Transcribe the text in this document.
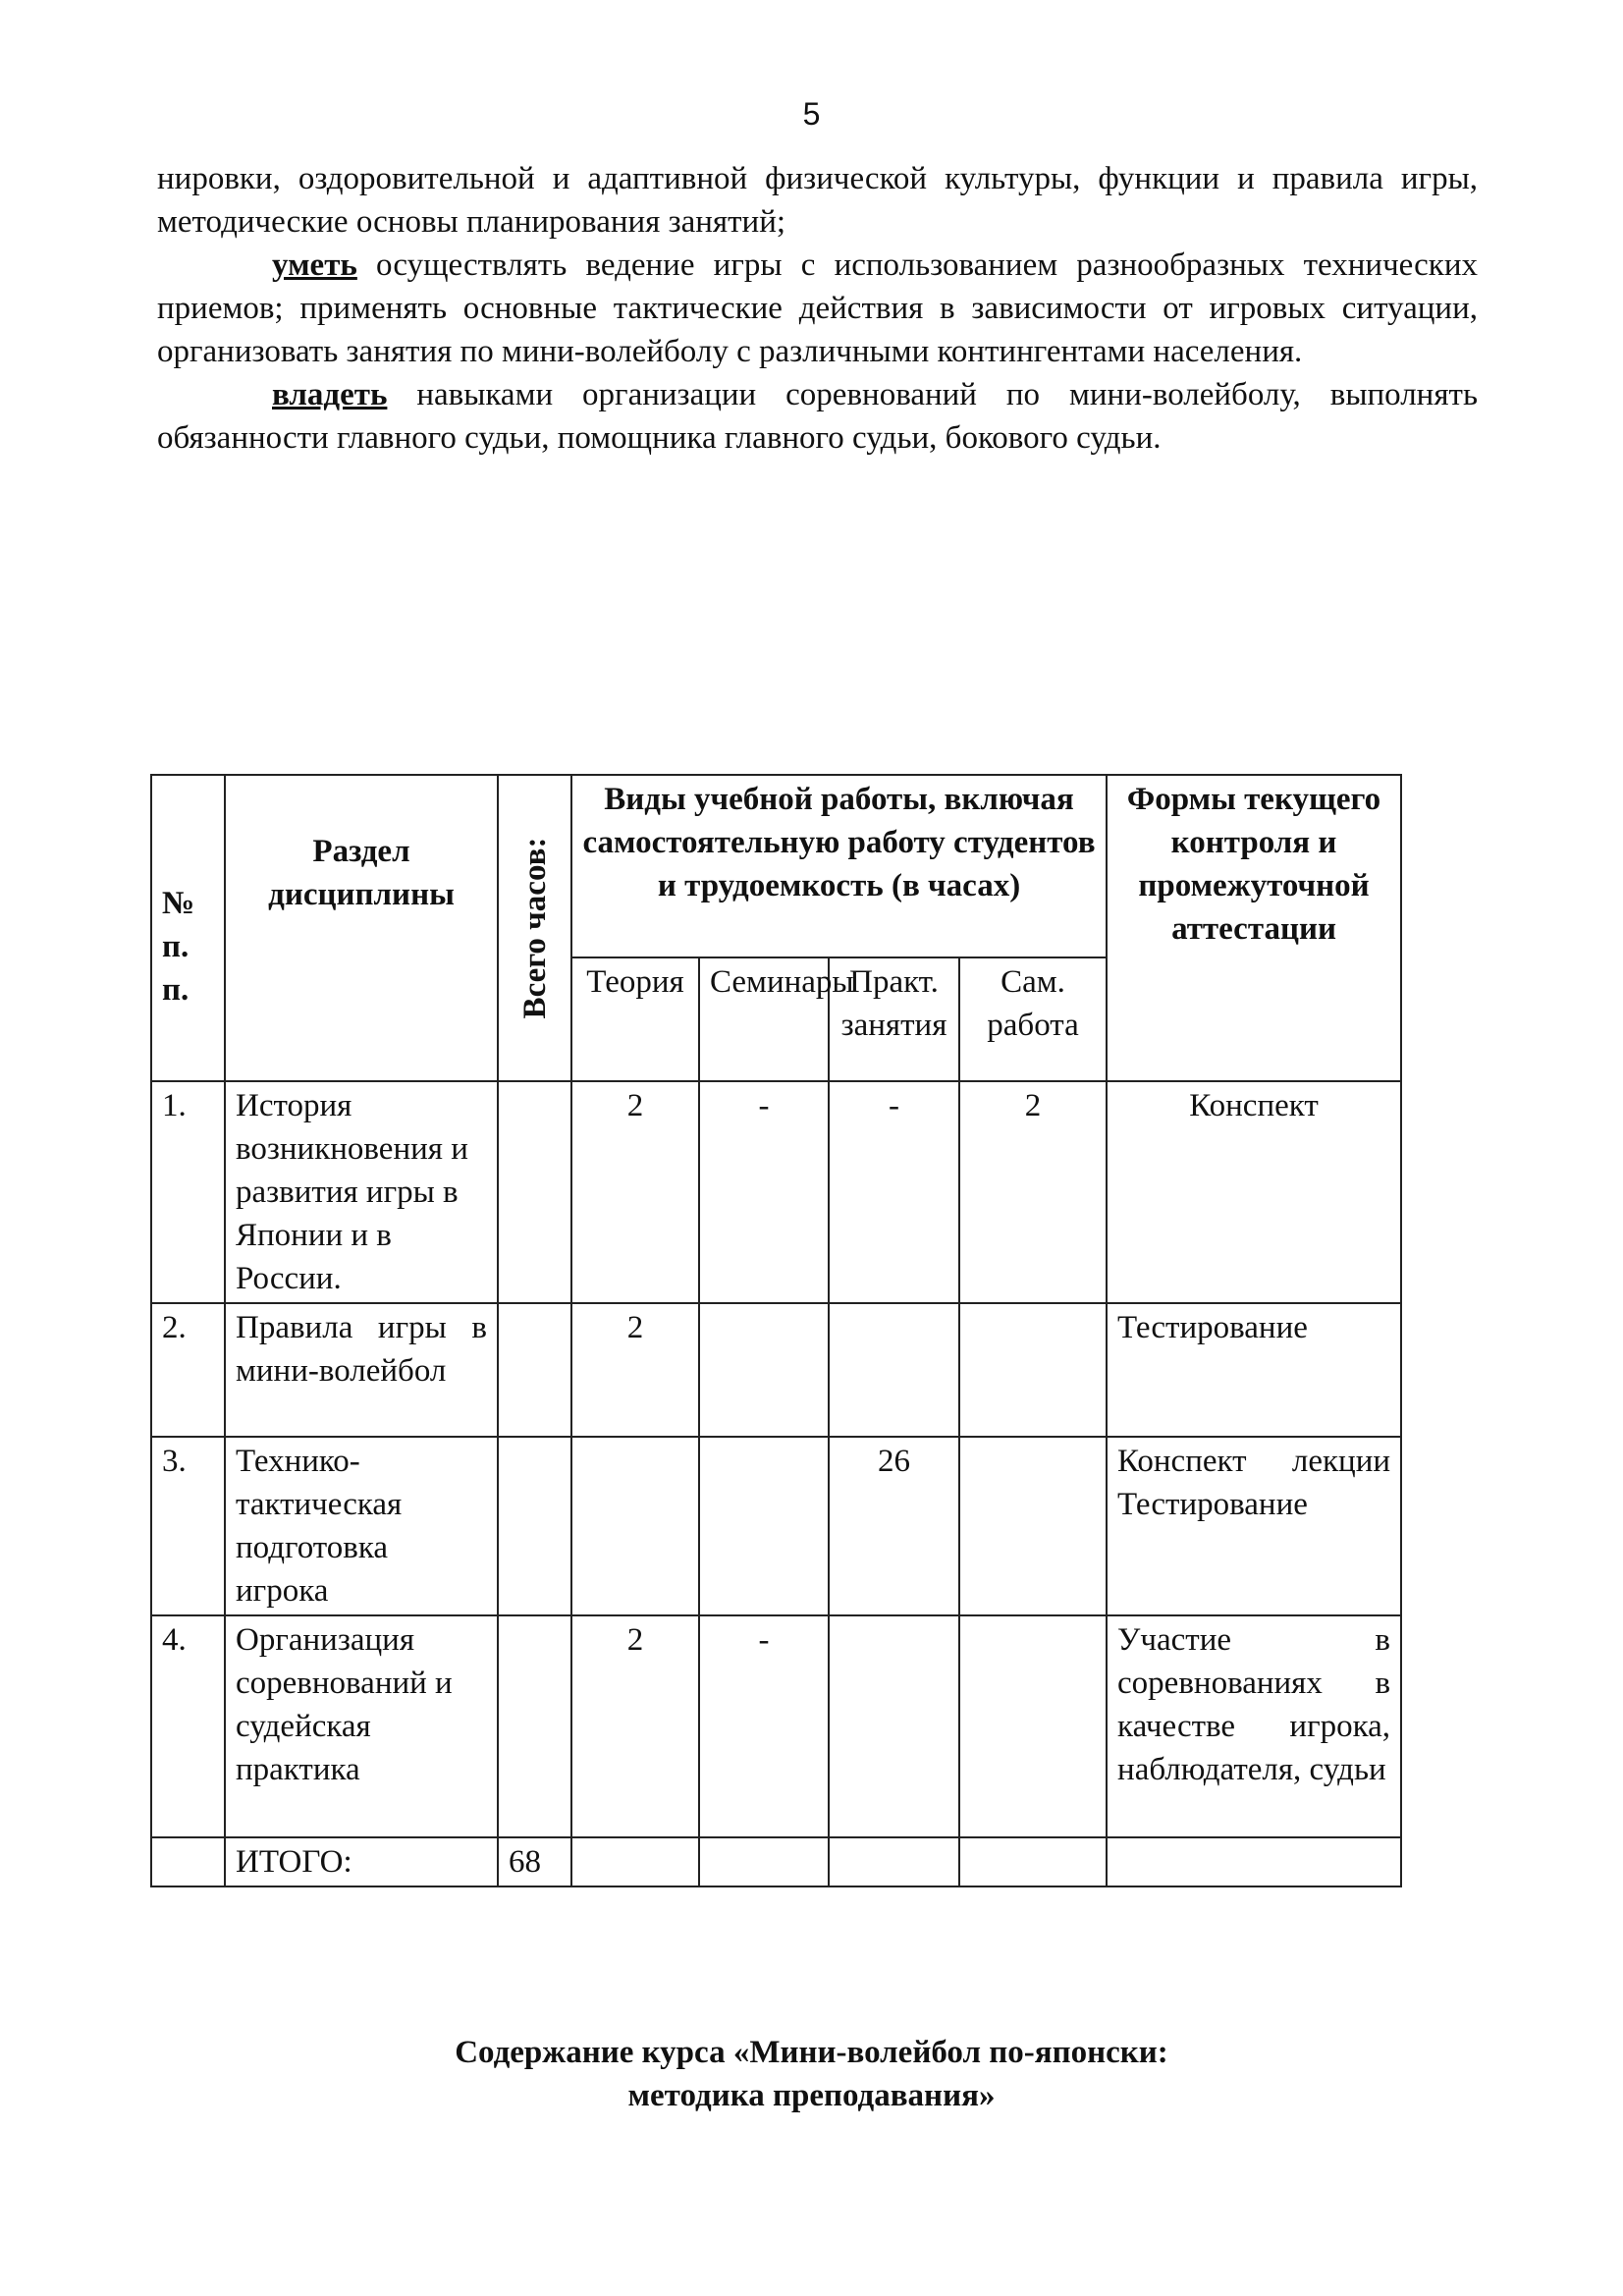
5

нировки, оздоровительной и адаптивной физической культуры, функции и правила игры, методические основы планирования занятий;

уметь осуществлять ведение игры с использованием разнообразных технических приемов; применять основные тактические действия в зависимости от игровых ситуации, организовать занятия по мини-волейболу с различными контингентами населения.

владеть навыками организации соревнований по мини-волейболу, выполнять обязанности главного судьи, помощника главного судьи, бокового судьи.

№ п. п.	Раздел дисциплины	Всего часов:	Виды учебной работы, включая самостоятельную работу студентов и трудоемкость (в часах)				Формы текущего контроля и промежуточной аттестации
			Теория	Семинары	Практ. занятия	Сам. работа	
1.	История возникновения и развития игры в Японии и в России.		2	-	-	2	Конспект
2.	Правила игры в мини-волейбол		2				Тестирование
3.	Технико-тактическая подготовка игрока				26		Конспект лекции Тестирование
4.	Организация соревнований и судейская практика		2	-			Участие в соревнованиях в качестве игрока, наблюдателя, судьи
	ИТОГО:	68					
Содержание курса «Мини-волейбол по-японски:
методика преподавания»
